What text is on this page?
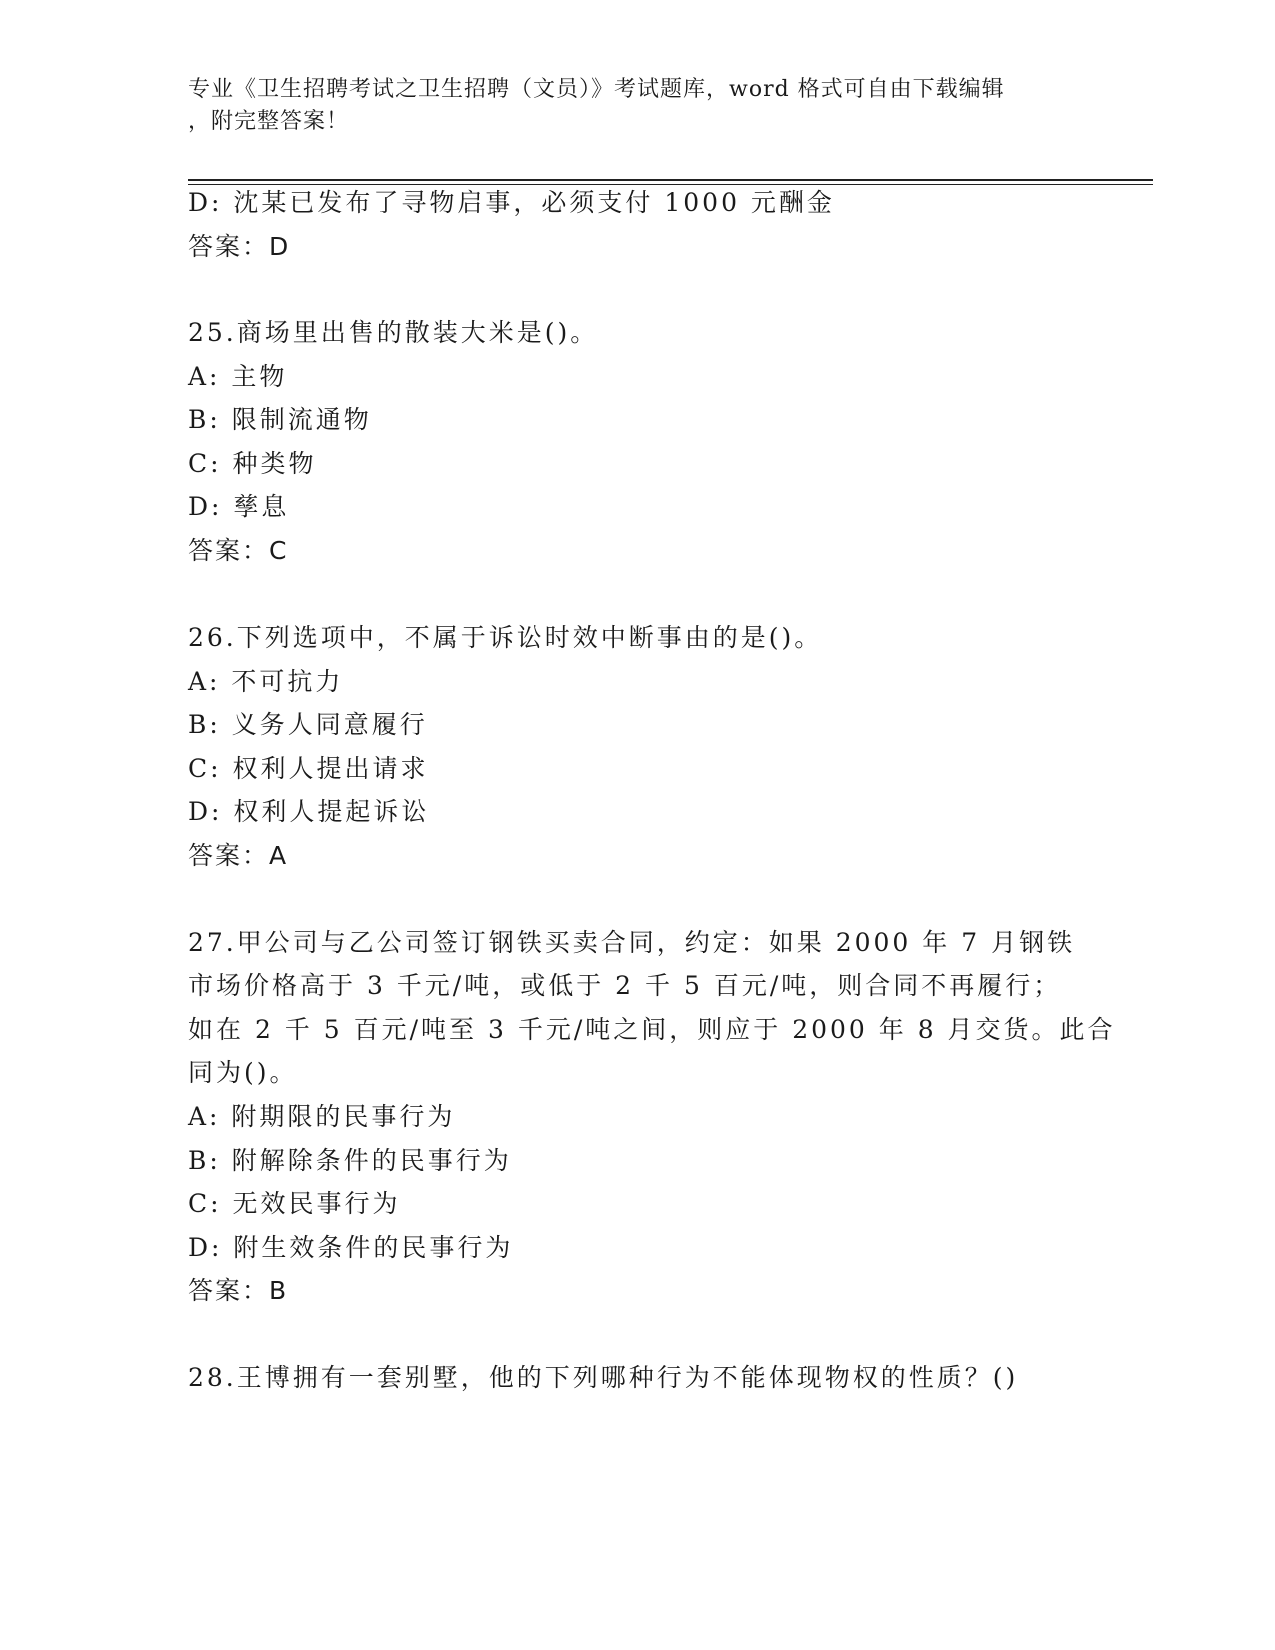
专业《卫生招聘考试之卫生招聘（文员）》考试题库，word 格式可自由下载编辑
，附完整答案！
D: 沈某已发布了寻物启事，必须支付 1000 元酬金
答案：D
25.商场里出售的散装大米是()。
A: 主物
B: 限制流通物
C: 种类物
D: 孳息
答案：C
26.下列选项中，不属于诉讼时效中断事由的是()。
A: 不可抗力
B: 义务人同意履行
C: 权利人提出请求
D: 权利人提起诉讼
答案：A
27.甲公司与乙公司签订钢铁买卖合同，约定：如果 2000 年 7 月钢铁
市场价格高于 3 千元/吨，或低于 2 千 5 百元/吨，则合同不再履行；
如在 2 千 5 百元/吨至 3 千元/吨之间，则应于 2000 年 8 月交货。此合
同为()。
A: 附期限的民事行为
B: 附解除条件的民事行为
C: 无效民事行为
D: 附生效条件的民事行为
答案：B
28.王博拥有一套别墅，他的下列哪种行为不能体现物权的性质？()
